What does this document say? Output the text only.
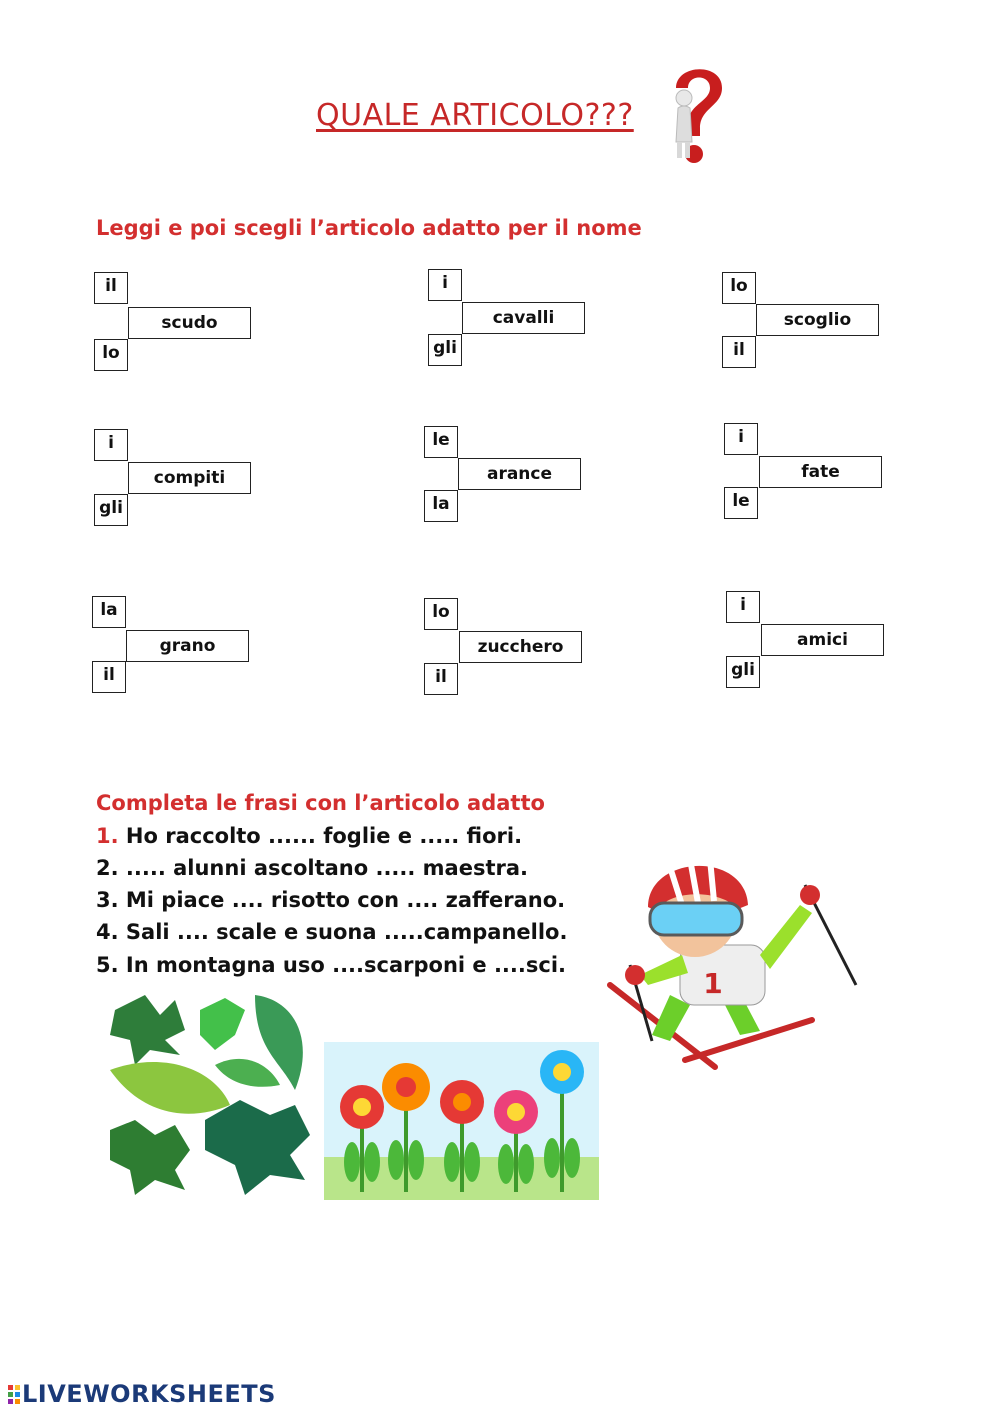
QUALE ARTICOLO???
Leggi e poi scegli l’articolo adatto per il nome
il
scudo
lo
i
cavalli
gli
lo
scoglio
il
i
compiti
gli
le
arance
la
i
fate
le
la
grano
il
lo
zucchero
il
i
amici
gli
Completa le frasi con l’articolo adatto
1. Ho raccolto ...... foglie e ..... fiori.
2. ..... alunni ascoltano ..... maestra.
3. Mi piace .... risotto con .... zafferano.
4. Sali .... scale e suona .....campanello.
5. In montagna uso ....scarponi e ....sci.
1
LIVEWORKSHEETS
